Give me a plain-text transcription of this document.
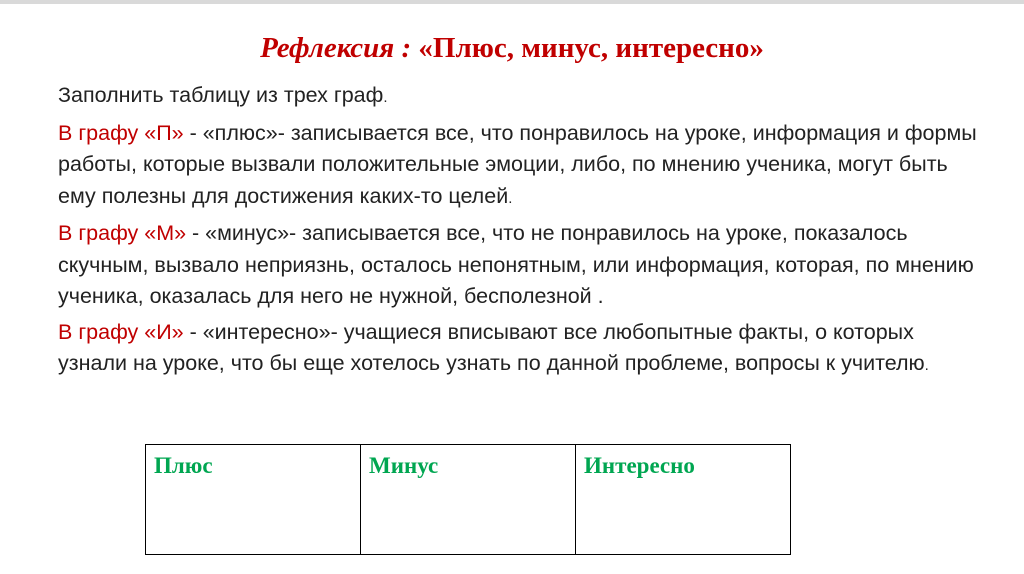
Рефлексия : «Плюс, минус, интересно»

Заполнить таблицу из трех граф.

В графу «П» - «плюс»- записывается все, что понравилось на уроке, информация и формы работы, которые вызвали положительные эмоции, либо, по мнению ученика, могут быть ему полезны для достижения каких-то целей.

В графу «М» - «минус»- записывается все, что не понравилось на уроке, показалось скучным, вызвало неприязнь, осталось непонятным, или информация, которая, по мнению ученика, оказалась для него не нужной, бесполезной .

В графу «И» - «интересно»- учащиеся вписывают все любопытные факты, о которых узнали на уроке, что бы еще хотелось узнать по данной проблеме, вопросы к учителю.

Плюс	Минус	Интересно
